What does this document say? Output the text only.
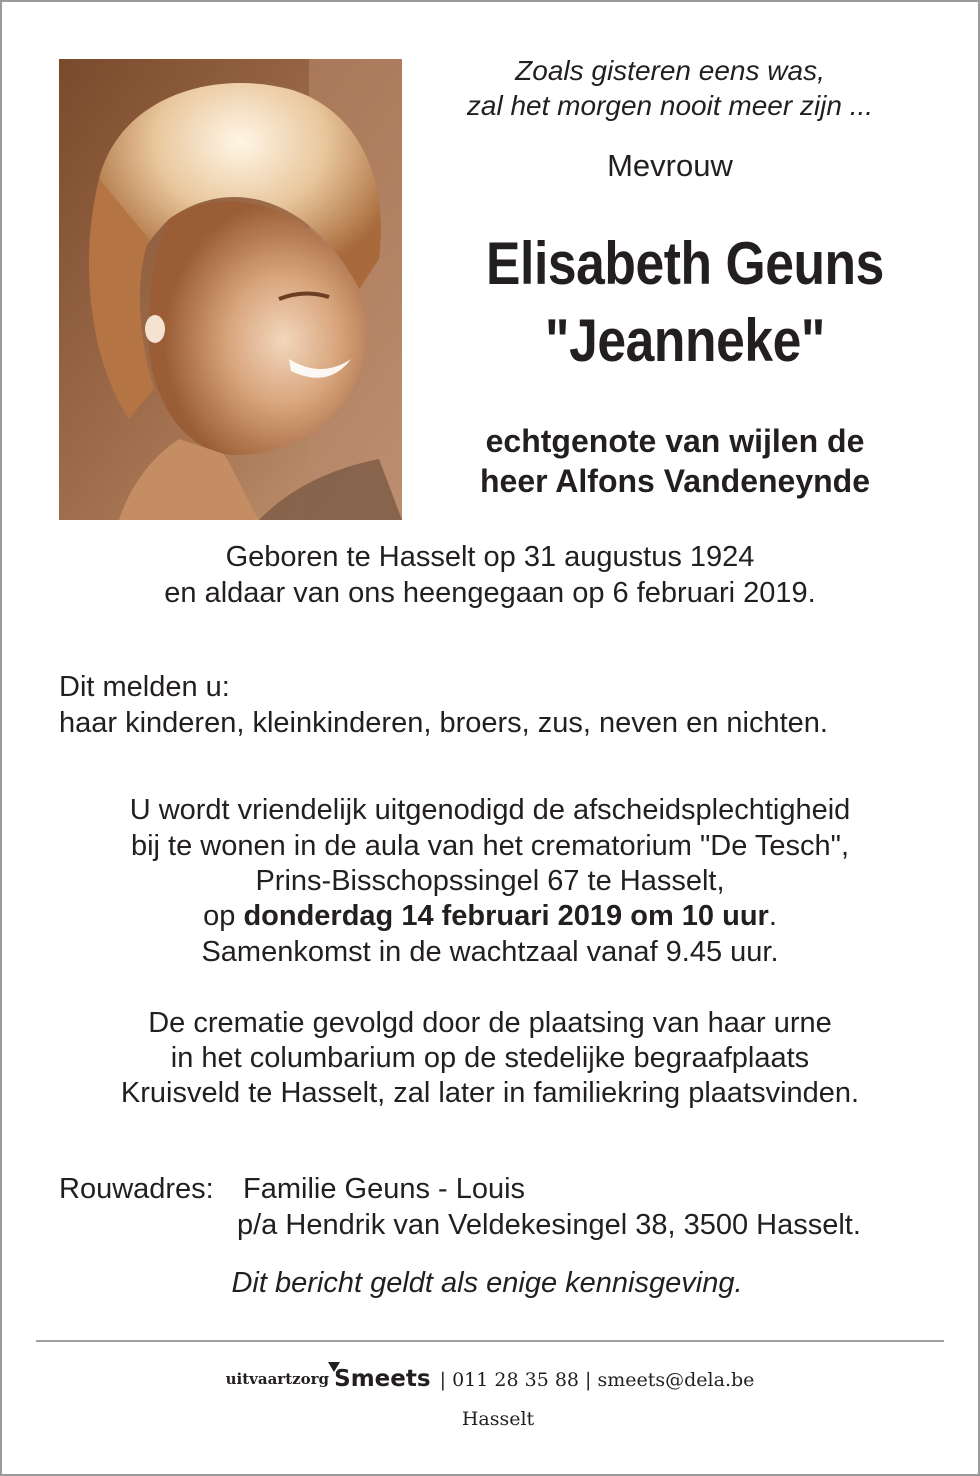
Zoals gisteren eens was,
zal het morgen nooit meer zijn ...
Mevrouw
Elisabeth Geuns
"Jeanneke"
echtgenote van wijlen de
heer Alfons Vandeneynde
Geboren te Hasselt op 31 augustus 1924
en aldaar van ons heengegaan op 6 februari 2019.
Dit melden u:
haar kinderen, kleinkinderen, broers, zus, neven en nichten.
U wordt vriendelijk uitgenodigd de afscheidsplechtigheid
bij te wonen in de aula van het crematorium "De Tesch",
Prins-Bisschopssingel 67 te Hasselt,
op donderdag 14 februari 2019 om 10 uur.
Samenkomst in de wachtzaal vanaf 9.45 uur.
De crematie gevolgd door de plaatsing van haar urne
in het columbarium op de stedelijke begraafplaats
Kruisveld te Hasselt, zal later in familiekring plaatsvinden.
Rouwadres: Familie Geuns - Louis
p/a Hendrik van Veldekesingel 38, 3500 Hasselt.
Dit bericht geldt als enige kennisgeving.
uitvaartzorg Smeets | 011 28 35 88 | smeets@dela.be
Hasselt
